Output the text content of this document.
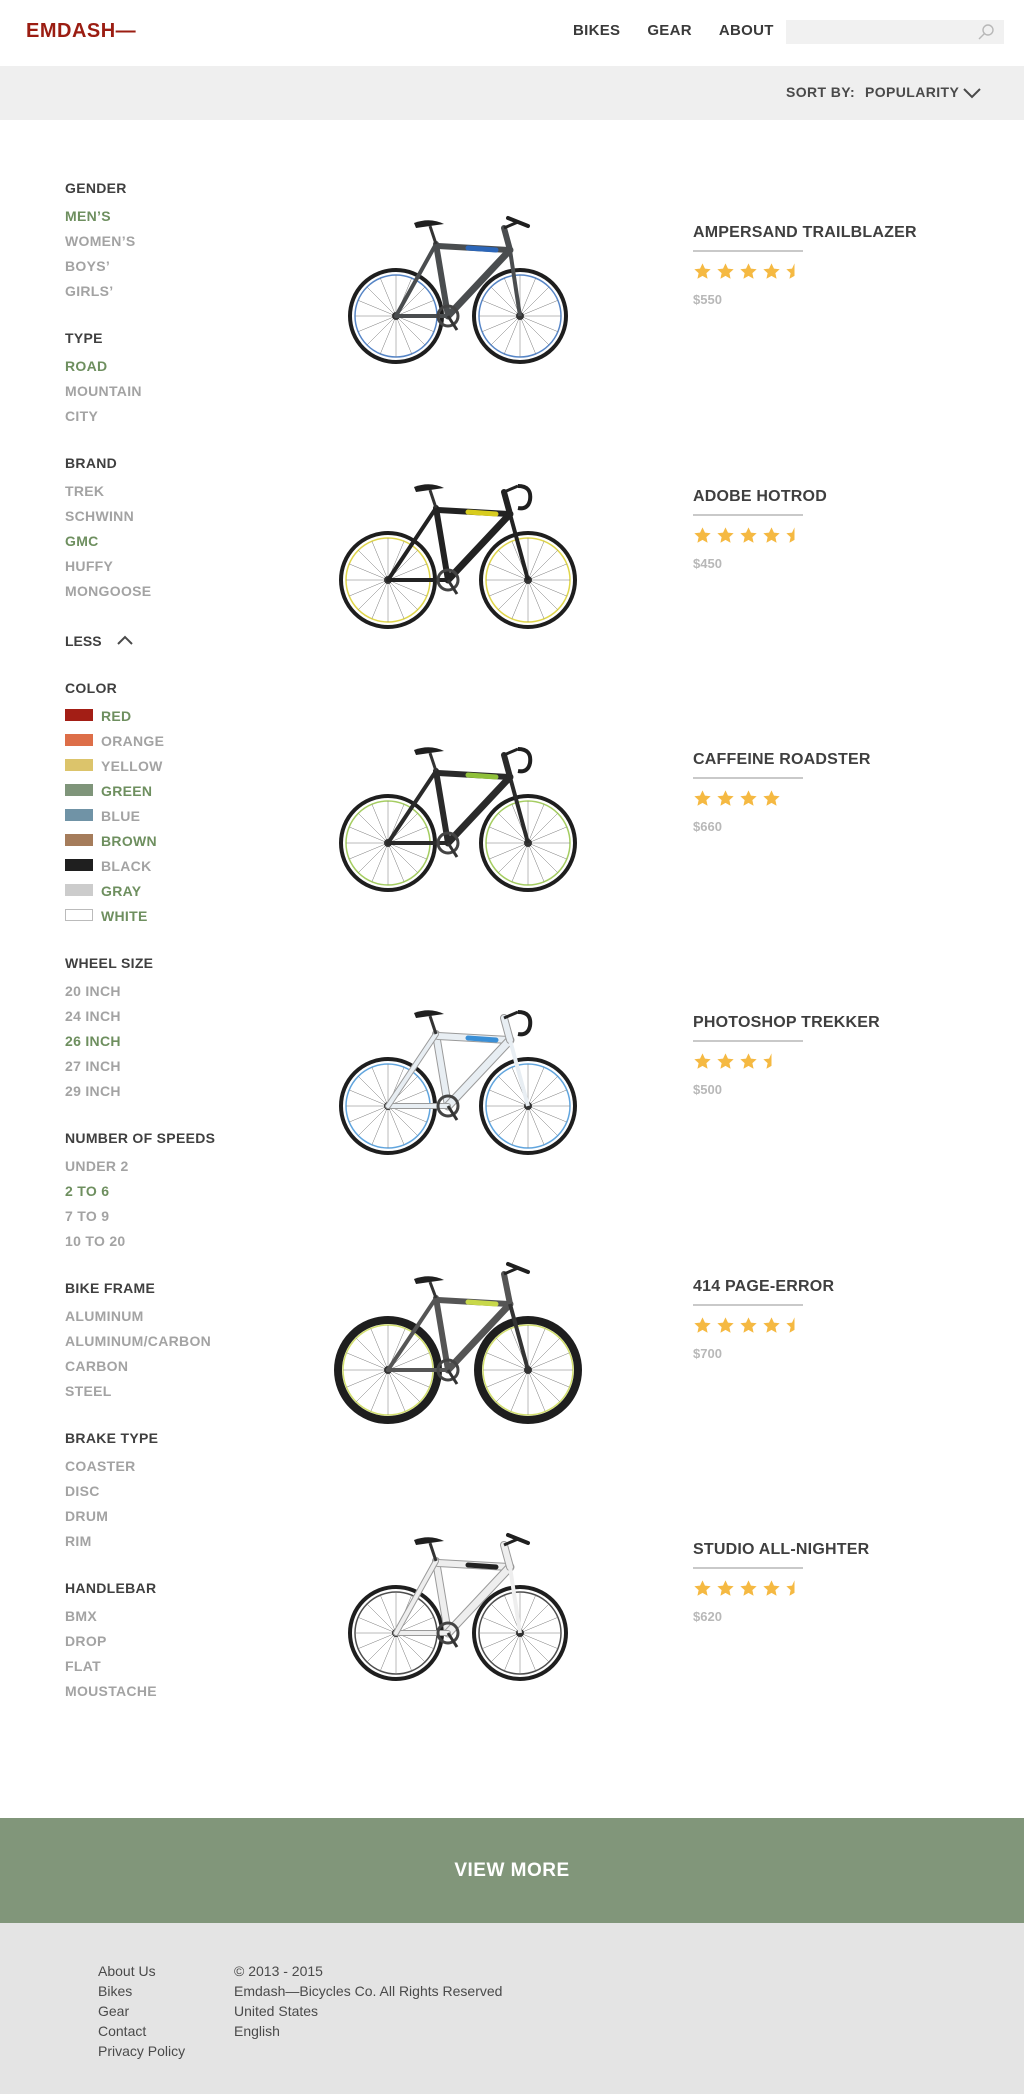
EMDASH—	BIKES GEAR ABOUT
SORT BY: POPULARITY
GENDER
MEN’S
WOMEN’S
BOYS’
GIRLS’
TYPE
ROAD
MOUNTAIN
CITY
BRAND
TREK
SCHWINN
GMC
HUFFY
MONGOOSE
LESS
COLOR
RED
ORANGE
YELLOW
GREEN
BLUE
BROWN
BLACK
GRAY
WHITE
WHEEL SIZE
20 INCH
24 INCH
26 INCH
27 INCH
29 INCH
NUMBER OF SPEEDS
UNDER 2
2 TO 6
7 TO 9
10 TO 20
BIKE FRAME
ALUMINUM
ALUMINUM/CARBON
CARBON
STEEL
BRAKE TYPE
COASTER
DISC
DRUM
RIM
HANDLEBAR
BMX
DROP
FLAT
MOUSTACHE
AMPERSAND TRAILBLAZER
$550
ADOBE HOTROD
$450
CAFFEINE ROADSTER
$660
PHOTOSHOP TREKKER
$500
414 PAGE-ERROR
$700
STUDIO ALL-NIGHTER
$620
VIEW MORE
About Us
Bikes
Gear
Contact
Privacy Policy
© 2013 - 2015
Emdash—Bicycles Co. All Rights Reserved
United States
English
